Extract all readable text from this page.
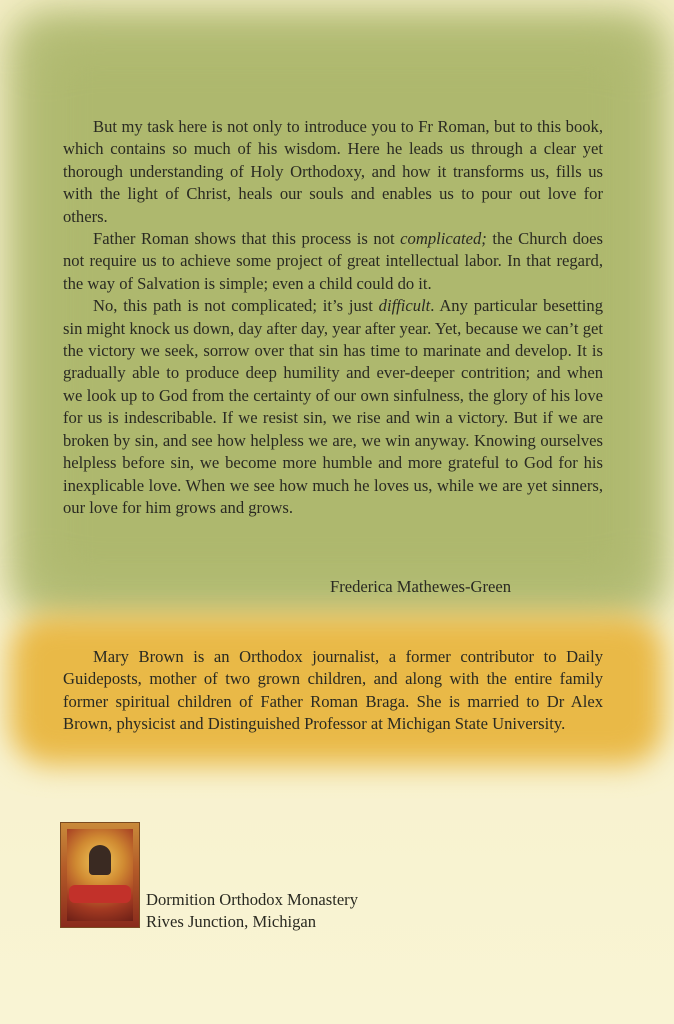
But my task here is not only to introduce you to Fr Roman, but to this book, which contains so much of his wisdom. Here he leads us through a clear yet thorough understanding of Holy Orthodoxy, and how it transforms us, fills us with the light of Christ, heals our souls and enables us to pour out love for others.

Father Roman shows that this process is not complicated; the Church does not require us to achieve some project of great intellectual labor. In that regard, the way of Salvation is simple; even a child could do it.

No, this path is not complicated; it’s just difficult. Any particular besetting sin might knock us down, day after day, year after year. Yet, because we can’t get the victory we seek, sorrow over that sin has time to marinate and develop. It is gradually able to produce deep humility and ever-deeper contrition; and when we look up to God from the certainty of our own sinfulness, the glory of his love for us is indescribable. If we resist sin, we rise and win a victory. But if we are broken by sin, and see how helpless we are, we win anyway. Knowing ourselves helpless before sin, we become more humble and more grateful to God for his inexplicable love. When we see how much he loves us, while we are yet sinners, our love for him grows and grows.

Frederica Mathewes-Green

Mary Brown is an Orthodox journalist, a former contributor to Daily Guideposts, mother of two grown children, and along with the entire family former spiritual children of Father Roman Braga. She is married to Dr Alex Brown, physicist and Distinguished Professor at Michigan State University.

Dormition Orthodox Monastery
Rives Junction, Michigan
